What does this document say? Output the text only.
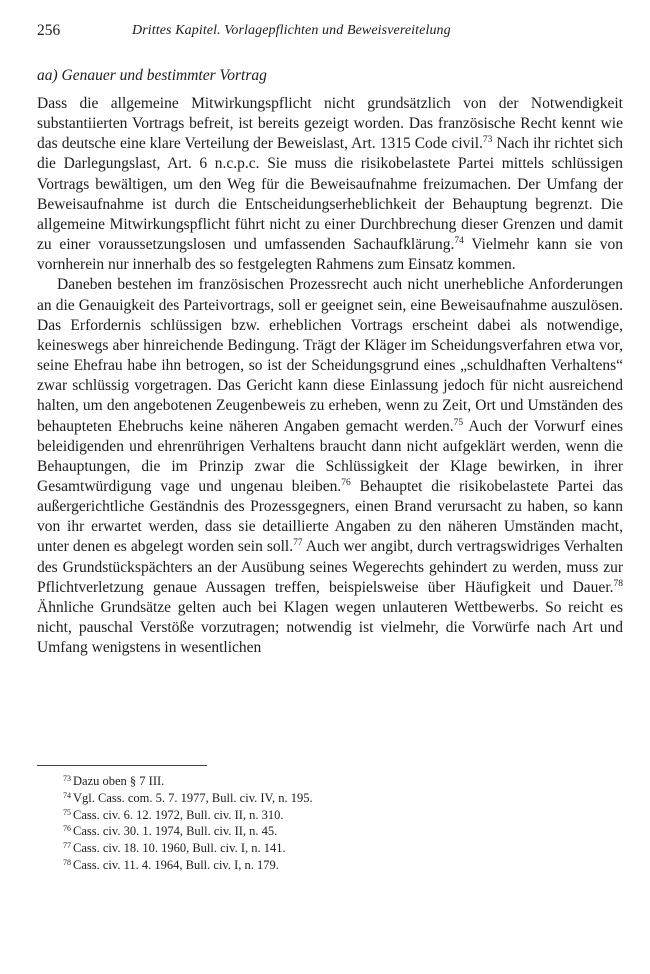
256	Drittes Kapitel. Vorlagepflichten und Beweisvereitelung
aa) Genauer und bestimmter Vortrag

Dass die allgemeine Mitwirkungspflicht nicht grundsätzlich von der Notwendigkeit substantiierten Vortrags befreit, ist bereits gezeigt worden. Das französische Recht kennt wie das deutsche eine klare Verteilung der Beweislast, Art. 1315 Code civil.$^{73}$ Nach ihr richtet sich die Darlegungslast, Art. 6 n.c.p.c. Sie muss die risikobelastete Partei mittels schlüssigen Vortrags bewältigen, um den Weg für die Beweisaufnahme freizumachen. Der Umfang der Beweisaufnahme ist durch die Entscheidungserheblichkeit der Behauptung begrenzt. Die allgemeine Mitwirkungspflicht führt nicht zu einer Durchbrechung dieser Grenzen und damit zu einer voraussetzungslosen und umfassenden Sachaufklärung.$^{74}$ Vielmehr kann sie von vornherein nur innerhalb des so festgelegten Rahmens zum Einsatz kommen.

Daneben bestehen im französischen Prozessrecht auch nicht unerhebliche Anforderungen an die Genauigkeit des Parteivortrags, soll er geeignet sein, eine Beweisaufnahme auszulösen. Das Erfordernis schlüssigen bzw. erheblichen Vortrags erscheint dabei als notwendige, keineswegs aber hinreichende Bedingung. Trägt der Kläger im Scheidungsverfahren etwa vor, seine Ehefrau habe ihn betrogen, so ist der Scheidungsgrund eines „schuldhaften Verhaltens“ zwar schlüssig vorgetragen. Das Gericht kann diese Einlassung jedoch für nicht ausreichend halten, um den angebotenen Zeugenbeweis zu erheben, wenn zu Zeit, Ort und Umständen des behaupteten Ehebruchs keine näheren Angaben gemacht werden.$^{75}$ Auch der Vorwurf eines beleidigenden und ehrenrührigen Verhaltens braucht dann nicht aufgeklärt werden, wenn die Behauptungen, die im Prinzip zwar die Schlüssigkeit der Klage bewirken, in ihrer Gesamtwürdigung vage und ungenau bleiben.$^{76}$ Behauptet die risikobelastete Partei das außergerichtliche Geständnis des Prozessgegners, einen Brand verursacht zu haben, so kann von ihr erwartet werden, dass sie detaillierte Angaben zu den näheren Umständen macht, unter denen es abgelegt worden sein soll.$^{77}$ Auch wer angibt, durch vertragswidriges Verhalten des Grundstückspächters an der Ausübung seines Wegerechts gehindert zu werden, muss zur Pflichtverletzung genaue Aussagen treffen, beispielsweise über Häufigkeit und Dauer.$^{78}$ Ähnliche Grundsätze gelten auch bei Klagen wegen unlauteren Wettbewerbs. So reicht es nicht, pauschal Verstöße vorzutragen; notwendig ist vielmehr, die Vorwürfe nach Art und Umfang wenigstens in wesentlichen

$^{73}$ Dazu oben § 7 III.
$^{74}$ Vgl. Cass. com. 5. 7. 1977, Bull. civ. IV, n. 195.
$^{75}$ Cass. civ. 6. 12. 1972, Bull. civ. II, n. 310.
$^{76}$ Cass. civ. 30. 1. 1974, Bull. civ. II, n. 45.
$^{77}$ Cass. civ. 18. 10. 1960, Bull. civ. I, n. 141.
$^{78}$ Cass. civ. 11. 4. 1964, Bull. civ. I, n. 179.
